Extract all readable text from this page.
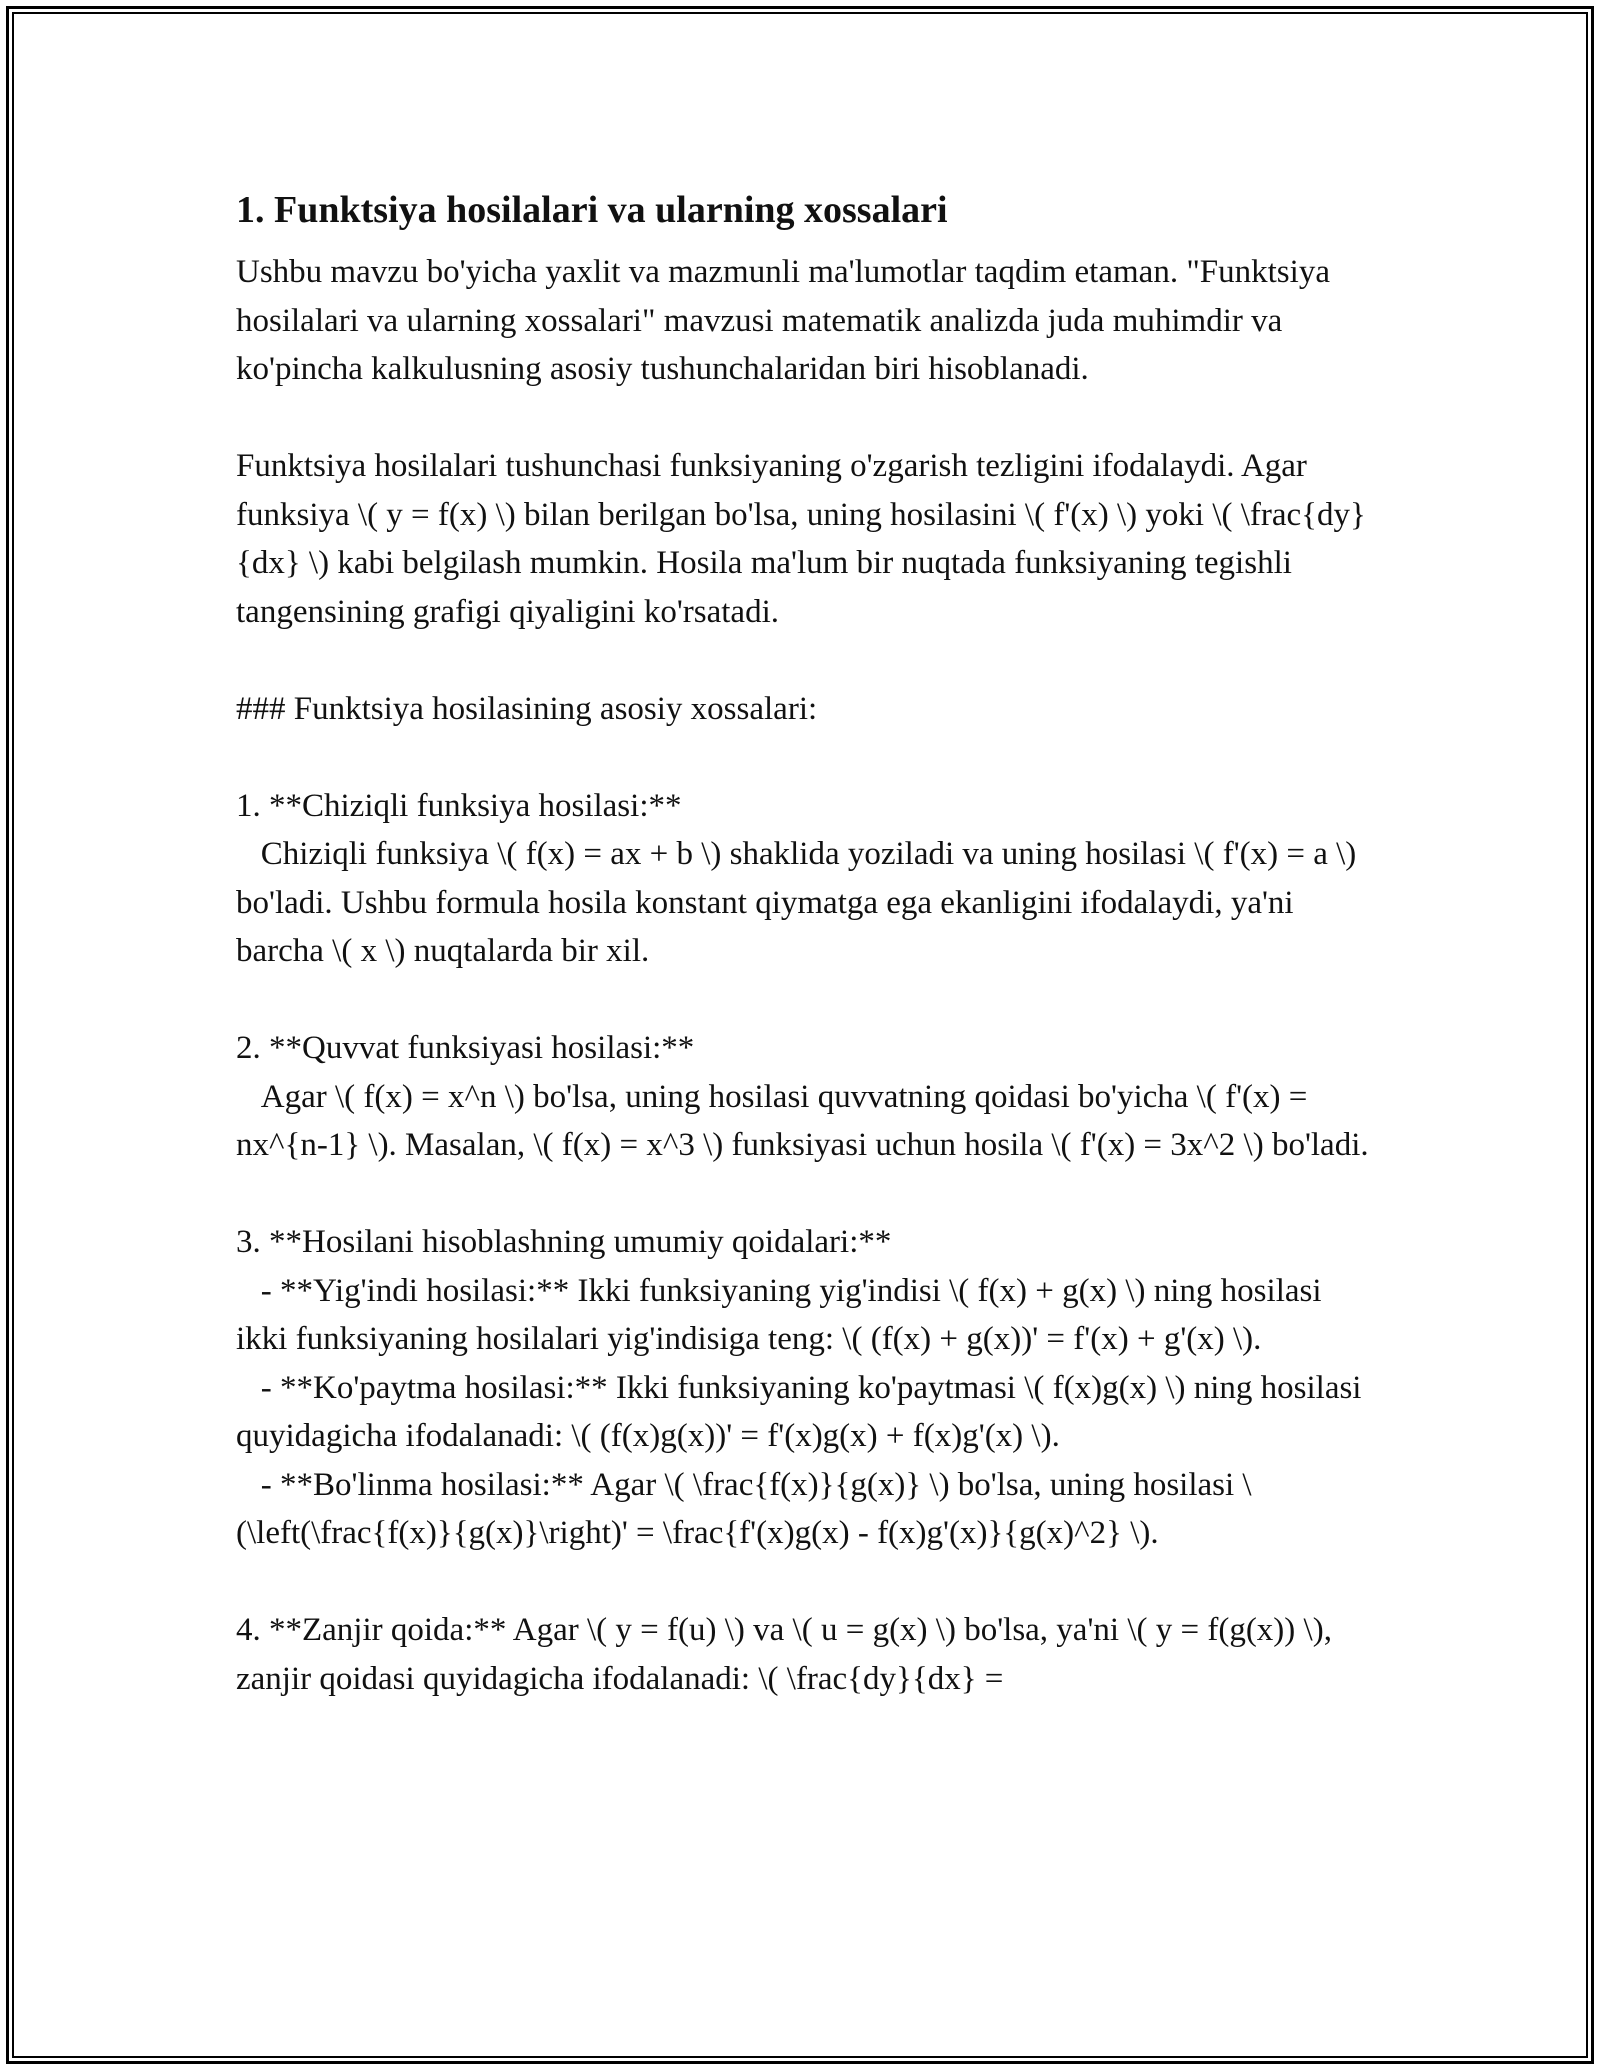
1. Funktsiya hosilalari va ularning xossalari

Ushbu mavzu bo'yicha yaxlit va mazmunli ma'lumotlar taqdim etaman. "Funktsiya hosilalari va ularning xossalari" mavzusi matematik analizda juda muhimdir va ko'pincha kalkulusning asosiy tushunchalaridan biri hisoblanadi.

Funktsiya hosilalari tushunchasi funksiyaning o'zgarish tezligini ifodalaydi. Agar funksiya \( y = f(x) \) bilan berilgan bo'lsa, uning hosilasini \( f'(x) \) yoki \( \frac{dy}{dx} \) kabi belgilash mumkin. Hosila ma'lum bir nuqtada funksiyaning tegishli tangensining grafigi qiyaligini ko'rsatadi.

### Funktsiya hosilasining asosiy xossalari:

1. **Chiziqli funksiya hosilasi:**
Chiziqli funksiya \( f(x) = ax + b \) shaklida yoziladi va uning hosilasi \( f'(x) = a \) bo'ladi. Ushbu formula hosila konstant qiymatga ega ekanligini ifodalaydi, ya'ni barcha \( x \) nuqtalarda bir xil.

2. **Quvvat funksiyasi hosilasi:**
Agar \( f(x) = x^n \) bo'lsa, uning hosilasi quvvatning qoidasi bo'yicha \( f'(x) = nx^{n-1} \). Masalan, \( f(x) = x^3 \) funksiyasi uchun hosila \( f'(x) = 3x^2 \) bo'ladi.

3. **Hosilani hisoblashning umumiy qoidalari:**
- **Yig'indi hosilasi:** Ikki funksiyaning yig'indisi \( f(x) + g(x) \) ning hosilasi ikki funksiyaning hosilalari yig'indisiga teng: \( (f(x) + g(x))' = f'(x) + g'(x) \).
- **Ko'paytma hosilasi:** Ikki funksiyaning ko'paytmasi \( f(x)g(x) \) ning hosilasi quyidagicha ifodalanadi: \( (f(x)g(x))' = f'(x)g(x) + f(x)g'(x) \).
- **Bo'linma hosilasi:** Agar \( \frac{f(x)}{g(x)} \) bo'lsa, uning hosilasi \(\left(\frac{f(x)}{g(x)}\right)' = \frac{f'(x)g(x) - f(x)g'(x)}{g(x)^2} \).

4. **Zanjir qoida:** Agar \( y = f(u) \) va \( u = g(x) \) bo'lsa, ya'ni \( y = f(g(x)) \), zanjir qoidasi quyidagicha ifodalanadi: \( \frac{dy}{dx} =
